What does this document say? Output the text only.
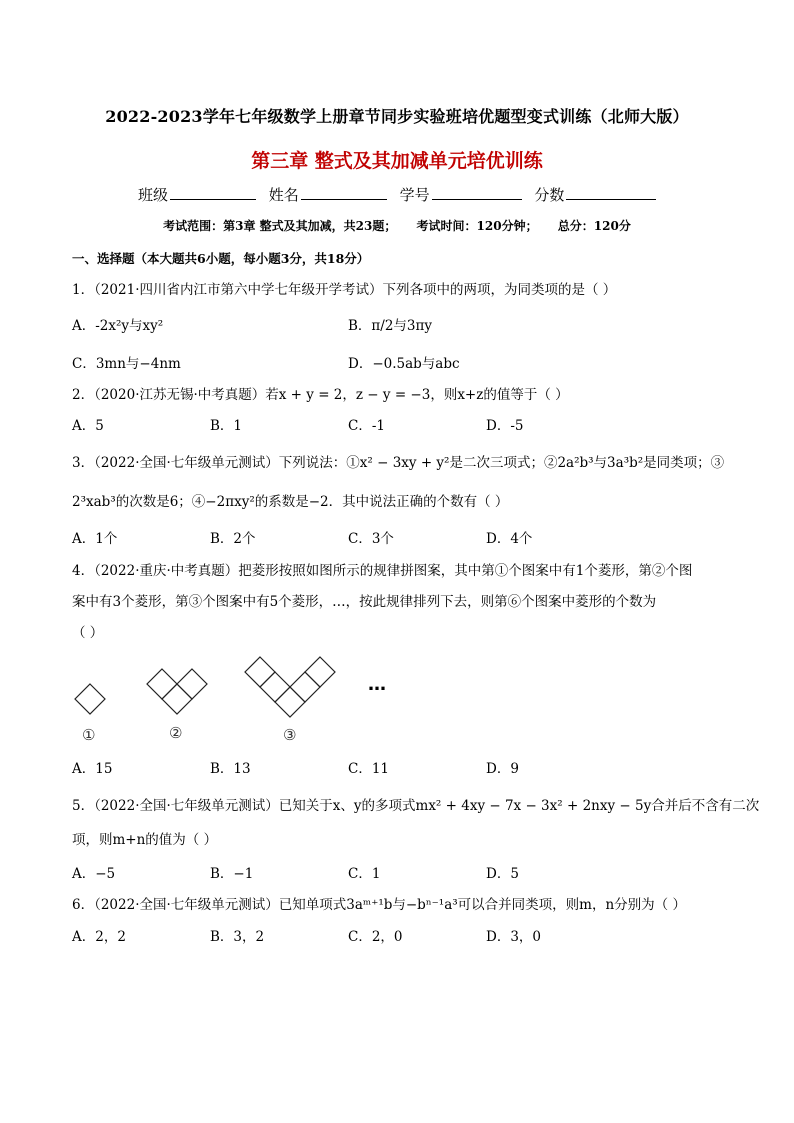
2022-2023学年七年级数学上册章节同步实验班培优题型变式训练（北师大版）
第三章 整式及其加减单元培优训练
班级	姓名	学号	分数
考试范围：第3章 整式及其加减，共23题； 考试时间：120分钟； 总分：120分
一、选择题（本大题共6小题，每小题3分，共18分）
1．（2021·四川省内江市第六中学七年级开学考试）下列各项中的两项，为同类项的是（ ）
A．-2x²y与xy²	B．π/2与3πy
C．3mn与−4nm	D．−0.5ab与abc
2．（2020·江苏无锡·中考真题）若x + y = 2，z − y = −3，则x+z的值等于（ ）
A．5	B．1	C．-1	D．-5
3．（2022·全国·七年级单元测试）下列说法：①x² − 3xy + y²是二次三项式；②2a²b³与3a³b²是同类项；③
2³xab³的次数是6；④−2πxy²的系数是−2．其中说法正确的个数有（ ）
A．1个	B．2个	C．3个	D．4个
4．（2022·重庆·中考真题）把菱形按照如图所示的规律拼图案，其中第①个图案中有1个菱形，第②个图
案中有3个菱形，第③个图案中有5个菱形，…，按此规律排列下去，则第⑥个图案中菱形的个数为
（ ）
①	②	③
…
A．15	B．13	C．11	D．9
5．（2022·全国·七年级单元测试）已知关于x、y的多项式mx² + 4xy − 7x − 3x² + 2nxy − 5y合并后不含有二次
项，则m+n的值为（ ）
A．−5	B．−1	C．1	D．5
6．（2022·全国·七年级单元测试）已知单项式3aᵐ⁺¹b与−bⁿ⁻¹a³可以合并同类项，则m，n分别为（ ）
A．2，2	B．3，2	C．2，0	D．3，0
